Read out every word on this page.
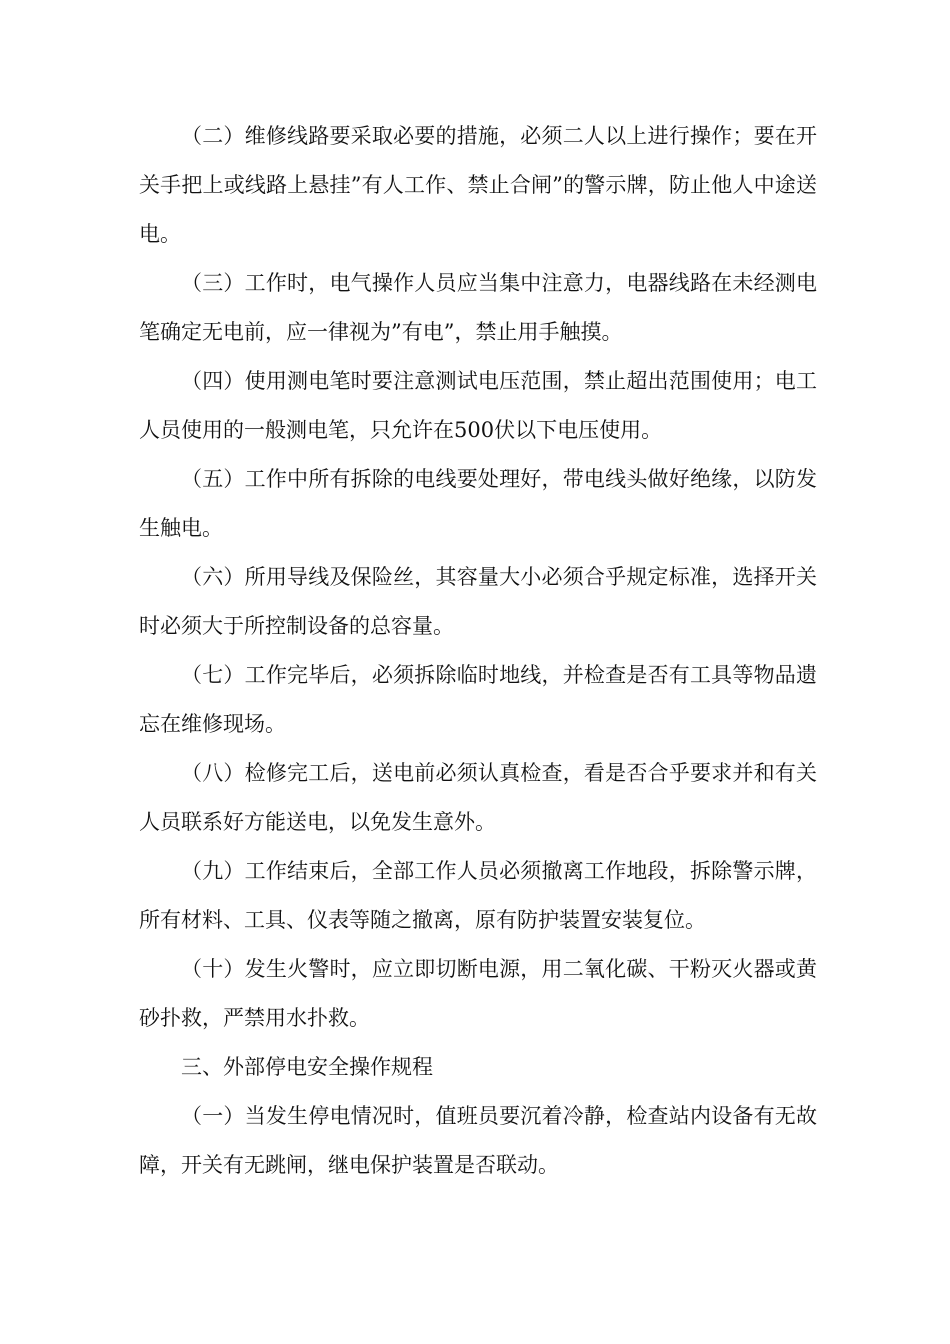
（二）维修线路要采取必要的措施，必须二人以上进行操作；要在开关手把上或线路上悬挂”有人工作、禁止合闸”的警示牌，防止他人中途送电。

（三）工作时，电气操作人员应当集中注意力，电器线路在未经测电笔确定无电前，应一律视为”有电”，禁止用手触摸。

（四）使用测电笔时要注意测试电压范围，禁止超出范围使用；电工人员使用的一般测电笔，只允许在500伏以下电压使用。

（五）工作中所有拆除的电线要处理好，带电线头做好绝缘，以防发生触电。

（六）所用导线及保险丝，其容量大小必须合乎规定标准，选择开关时必须大于所控制设备的总容量。

（七）工作完毕后，必须拆除临时地线，并检查是否有工具等物品遗忘在维修现场。

（八）检修完工后，送电前必须认真检查，看是否合乎要求并和有关人员联系好方能送电，以免发生意外。

（九）工作结束后，全部工作人员必须撤离工作地段，拆除警示牌，所有材料、工具、仪表等随之撤离，原有防护装置安装复位。

（十）发生火警时，应立即切断电源，用二氧化碳、干粉灭火器或黄砂扑救，严禁用水扑救。

三、外部停电安全操作规程

（一）当发生停电情况时，值班员要沉着冷静，检查站内设备有无故障，开关有无跳闸，继电保护装置是否联动。
